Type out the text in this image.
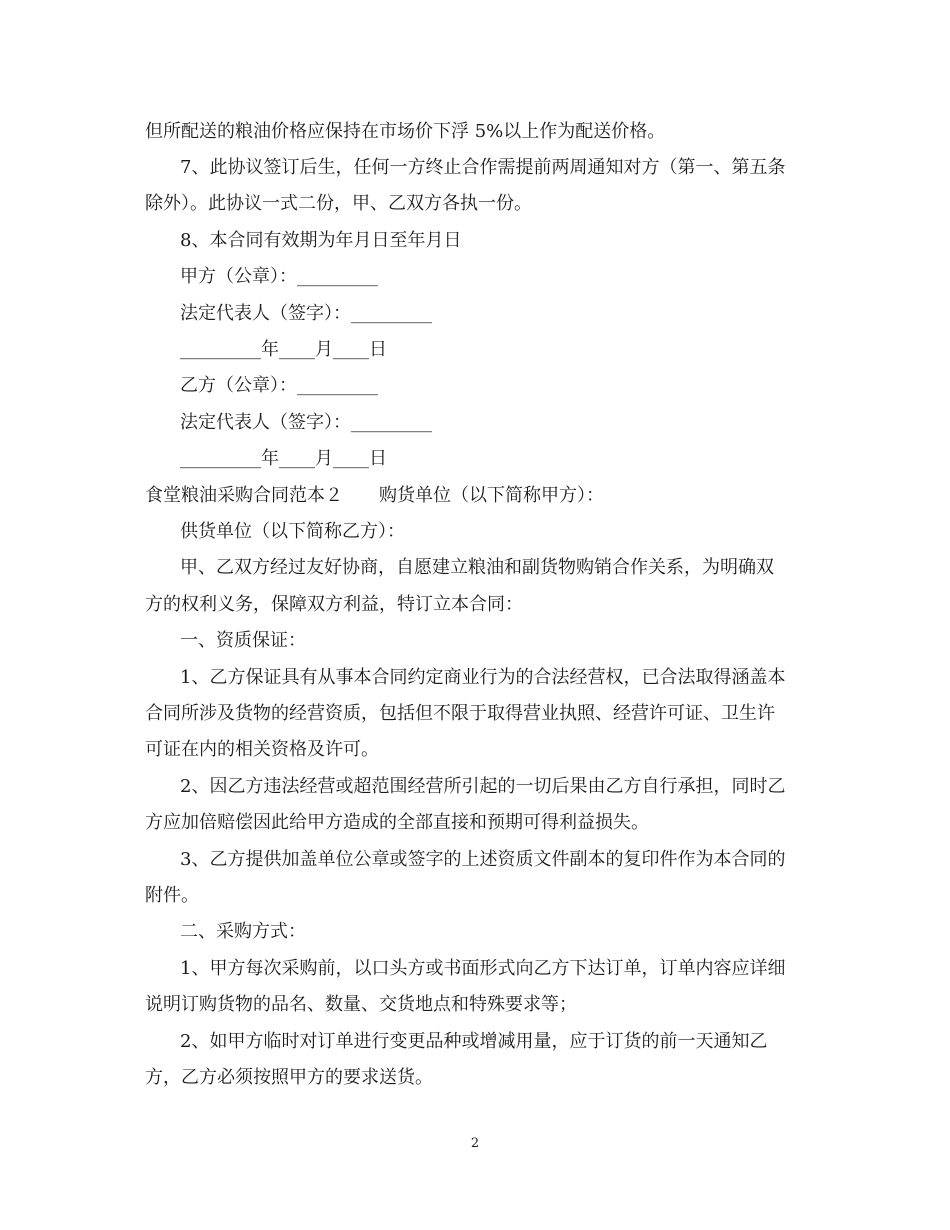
但所配送的粮油价格应保持在市场价下浮 5%以上作为配送价格。
7、此协议签订后生，任何一方终止合作需提前两周通知对方（第一、第五条
除外）。此协议一式二份，甲、乙双方各执一份。
8、本合同有效期为年月日至年月日
甲方（公章）：_________
法定代表人（签字）：_________
_________年____月____日
乙方（公章）：_________
法定代表人（签字）：_________
_________年____月____日
食堂粮油采购合同范本２　　购货单位（以下简称甲方）：
供货单位（以下简称乙方）：
甲、乙双方经过友好协商，自愿建立粮油和副货物购销合作关系，为明确双
方的权利义务，保障双方利益，特订立本合同：
一、资质保证：
1、乙方保证具有从事本合同约定商业行为的合法经营权，已合法取得涵盖本
合同所涉及货物的经营资质，包括但不限于取得营业执照、经营许可证、卫生许
可证在内的相关资格及许可。
2、因乙方违法经营或超范围经营所引起的一切后果由乙方自行承担，同时乙
方应加倍赔偿因此给甲方造成的全部直接和预期可得利益损失。
3、乙方提供加盖单位公章或签字的上述资质文件副本的复印件作为本合同的
附件。
二、采购方式：
1、甲方每次采购前，以口头方或书面形式向乙方下达订单，订单内容应详细
说明订购货物的品名、数量、交货地点和特殊要求等；
2、如甲方临时对订单进行变更品种或增减用量，应于订货的前一天通知乙
方，乙方必须按照甲方的要求送货。
2
